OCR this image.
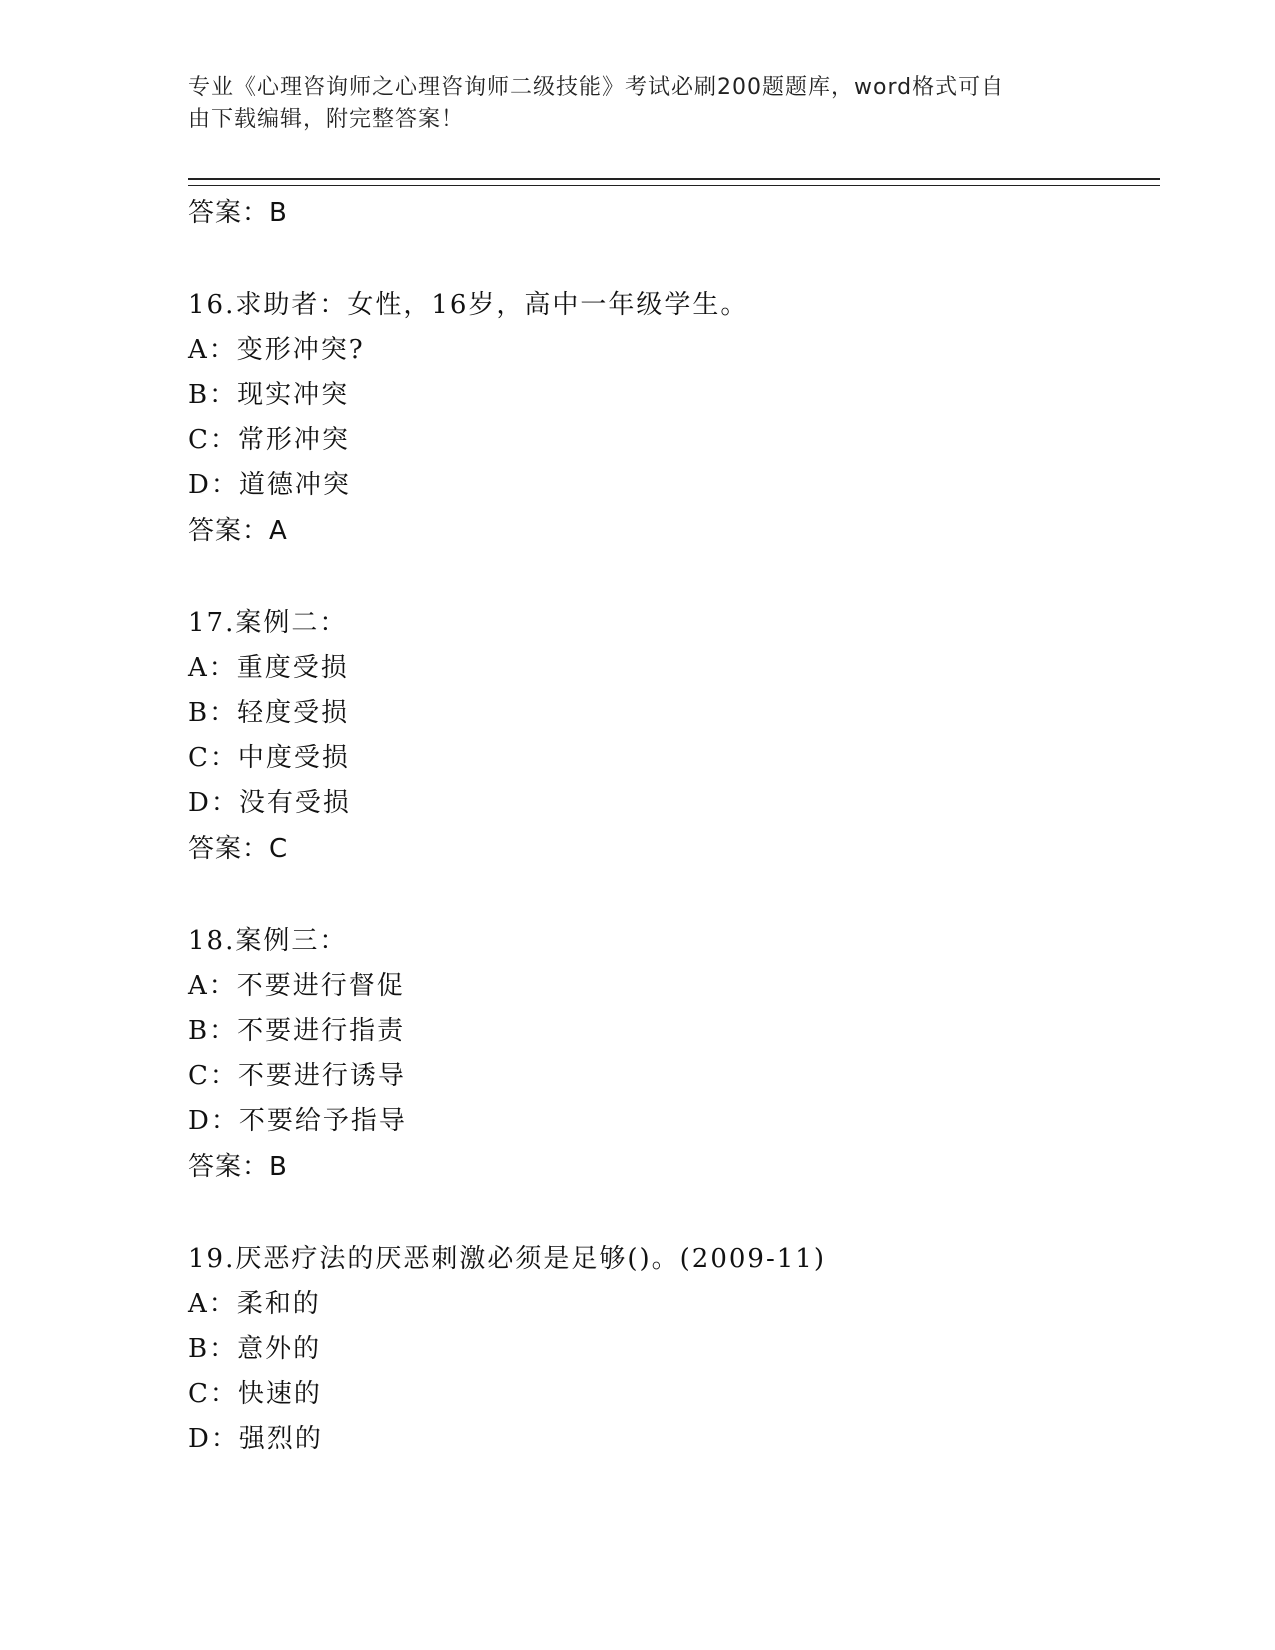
专业《心理咨询师之心理咨询师二级技能》考试必刷200题题库，word格式可自
由下载编辑，附完整答案！
答案：B
16.求助者：女性，16岁，高中一年级学生。
A：变形冲突?
B：现实冲突
C：常形冲突
D：道德冲突
答案：A
17.案例二：
A：重度受损
B：轻度受损
C：中度受损
D：没有受损
答案：C
18.案例三：
A：不要进行督促
B：不要进行指责
C：不要进行诱导
D：不要给予指导
答案：B
19.厌恶疗法的厌恶刺激必须是足够()。(2009-11)
A：柔和的
B：意外的
C：快速的
D：强烈的
